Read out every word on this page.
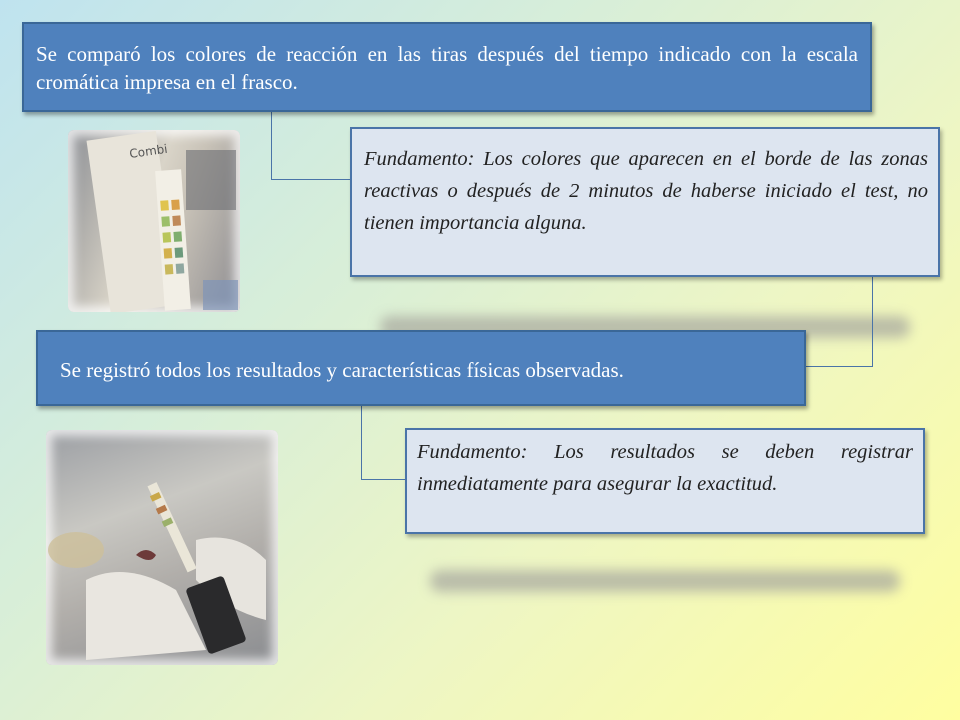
Combi
Se comparó los colores de reacción en las tiras después del tiempo indicado con la escala cromática impresa en el frasco.
Fundamento: Los colores que aparecen en el borde de las zonas reactivas o después de 2 minutos de haberse iniciado el test, no tienen importancia alguna.
Se registró todos los resultados y características físicas observadas.
Fundamento: Los resultados se deben registrar inmediatamente para asegurar la exactitud.
